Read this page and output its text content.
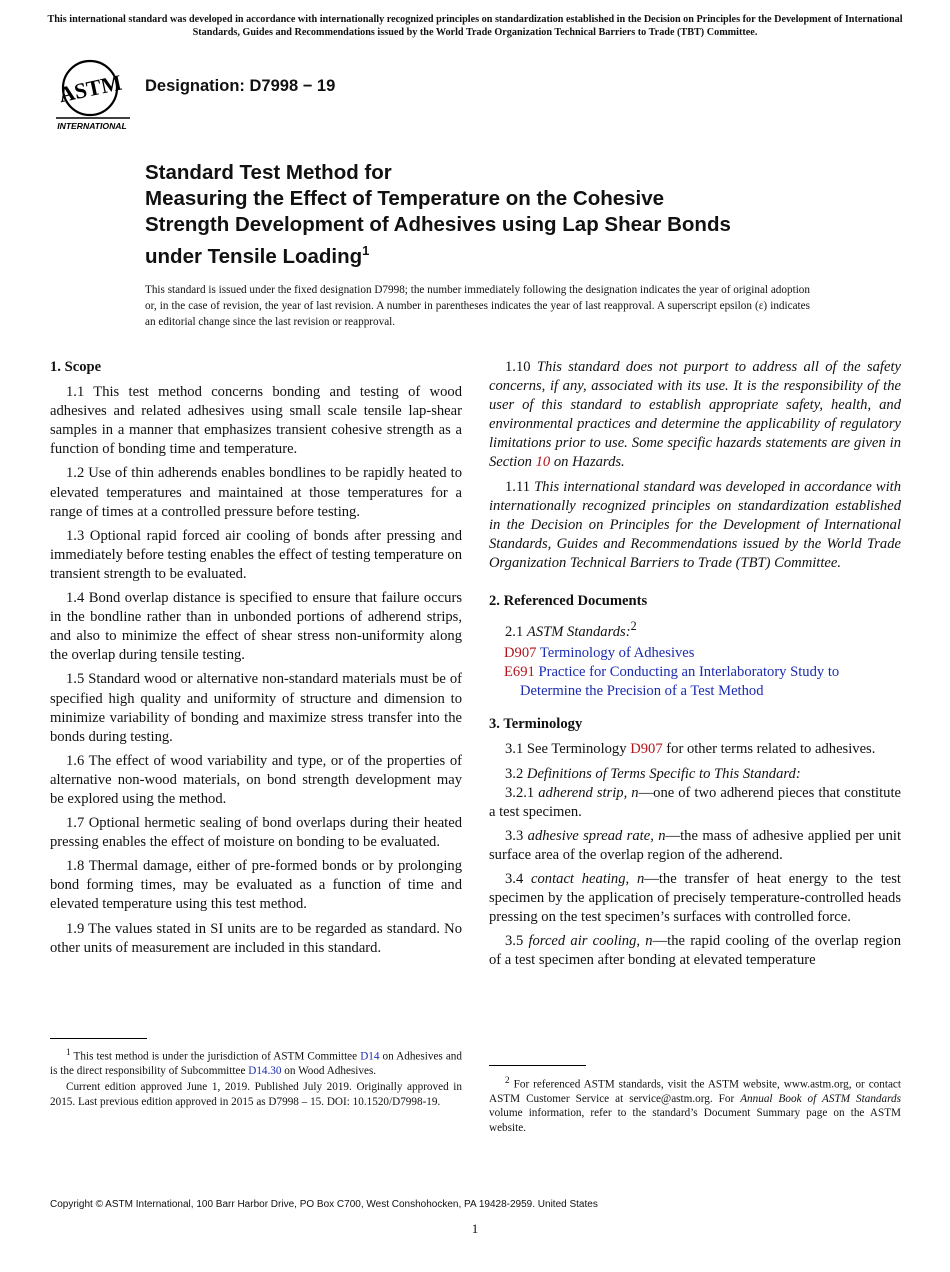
This international standard was developed in accordance with internationally recognized principles on standardization established in the Decision on Principles for the Development of International Standards, Guides and Recommendations issued by the World Trade Organization Technical Barriers to Trade (TBT) Committee.
ASTM
INTERNATIONAL
Designation: D7998 − 19
Standard Test Method for
Measuring the Effect of Temperature on the Cohesive
Strength Development of Adhesives using Lap Shear Bonds
under Tensile Loading$^1$
This standard is issued under the fixed designation D7998; the number immediately following the designation indicates the year of original adoption or, in the case of revision, the year of last revision. A number in parentheses indicates the year of last reapproval. A superscript epsilon (ε) indicates an editorial change since the last revision or reapproval.
1. Scope

1.1 This test method concerns bonding and testing of wood adhesives and related adhesives using small scale tensile lap-shear samples in a manner that emphasizes transient cohesive strength as a function of bonding time and temperature.

1.2 Use of thin adherends enables bondlines to be rapidly heated to elevated temperatures and maintained at those temperatures for a range of times at a controlled pressure before testing.

1.3 Optional rapid forced air cooling of bonds after pressing and immediately before testing enables the effect of testing temperature on transient strength to be evaluated.

1.4 Bond overlap distance is specified to ensure that failure occurs in the bondline rather than in unbonded portions of adherend strips, and also to minimize the effect of shear stress non-uniformity along the overlap during tensile testing.

1.5 Standard wood or alternative non-standard materials must be of specified high quality and uniformity of structure and dimension to minimize variability of bonding and maximize stress transfer into the bonds during testing.

1.6 The effect of wood variability and type, or of the properties of alternative non-wood materials, on bond strength development may be explored using the method.

1.7 Optional hermetic sealing of bond overlaps during their heated pressing enables the effect of moisture on bonding to be evaluated.

1.8 Thermal damage, either of pre-formed bonds or by prolonging bond forming times, may be evaluated as a function of time and elevated temperature using this test method.

1.9 The values stated in SI units are to be regarded as standard. No other units of measurement are included in this standard.

$^1$ This test method is under the jurisdiction of ASTM Committee D14 on Adhesives and is the direct responsibility of Subcommittee D14.30 on Wood Adhesives.

Current edition approved June 1, 2019. Published July 2019. Originally approved in 2015. Last previous edition approved in 2015 as D7998 – 15. DOI: 10.1520/D7998-19.

1.10 This standard does not purport to address all of the safety concerns, if any, associated with its use. It is the responsibility of the user of this standard to establish appropriate safety, health, and environmental practices and determine the applicability of regulatory limitations prior to use. Some specific hazards statements are given in Section 10 on Hazards.

1.11 This international standard was developed in accordance with internationally recognized principles on standardization established in the Decision on Principles for the Development of International Standards, Guides and Recommendations issued by the World Trade Organization Technical Barriers to Trade (TBT) Committee.

2. Referenced Documents

2.1 ASTM Standards:$^2$

D907 Terminology of Adhesives
E691 Practice for Conducting an Interlaboratory Study to Determine the Precision of a Test Method
3. Terminology

3.1 See Terminology D907 for other terms related to adhesives.

3.2 Definitions of Terms Specific to This Standard:

3.2.1 adherend strip, n—one of two adherend pieces that constitute a test specimen.

3.3 adhesive spread rate, n—the mass of adhesive applied per unit surface area of the overlap region of the adherend.

3.4 contact heating, n—the transfer of heat energy to the test specimen by the application of precisely temperature-controlled heads pressing on the test specimen’s surfaces with controlled force.

3.5 forced air cooling, n—the rapid cooling of the overlap region of a test specimen after bonding at elevated temperature

$^2$ For referenced ASTM standards, visit the ASTM website, www.astm.org, or contact ASTM Customer Service at service@astm.org. For Annual Book of ASTM Standards volume information, refer to the standard’s Document Summary page on the ASTM website.

Copyright © ASTM International, 100 Barr Harbor Drive, PO Box C700, West Conshohocken, PA 19428-2959. United States
1
